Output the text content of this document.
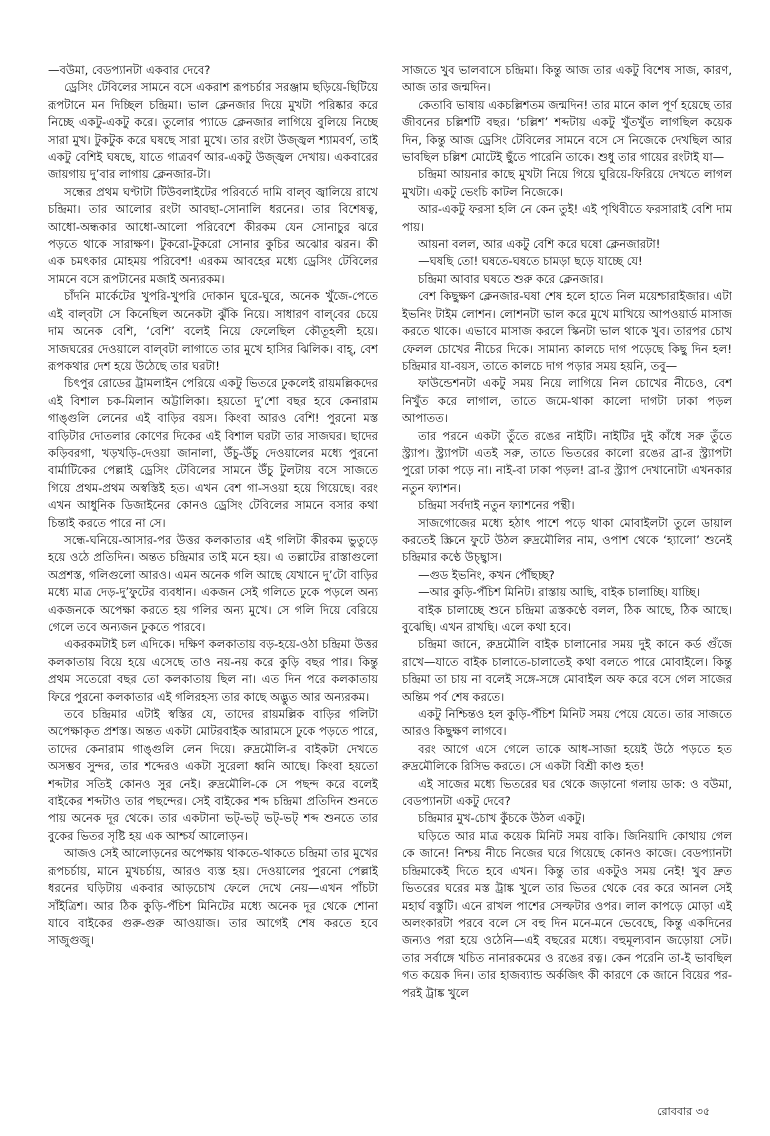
—বউমা, বেডপ্যানটা একবার দেবে?

ড্রেসিং টেবিলের সামনে বসে একরাশ রূপচর্চার সরঞ্জাম ছড়িয়ে-ছিটিয়ে রূপটানে মন দিচ্ছিল চন্দ্রিমা। ভাল ক্লেনজার দিয়ে মুখটা পরিষ্কার করে নিচ্ছে একটু-একটু করে। তুলোর প্যাডে ক্লেনজার লাগিয়ে বুলিয়ে নিচ্ছে সারা মুখ। টুকটুক করে ঘষছে সারা মুখে। তার রংটা উজ্জ্বল শ্যামবর্ণ, তাই একটু বেশিই ঘষছে, যাতে গাত্রবর্ণ আর-একটু উজ্জ্বল দেখায়। একবারের জায়গায় দু’বার লাগায় ক্লেনজার-টা।

সন্ধের প্রথম ঘণ্টাটা টিউবলাইটের পরিবর্তে দামি বাল্‌ব জ্বালিয়ে রাখে চন্দ্রিমা। তার আলোর রংটা আবছা-সোনালি ধরনের। তার বিশেষত্ব, আধো-অন্ধকার আধো-আলো পরিবেশে কীরকম যেন সোনাচুর ঝরে পড়তে থাকে সারাক্ষণ। টুকরো-টুকরো সোনার কুচির অঝোর ঝরন। কী এক চমৎকার মোহময় পরিবেশ! এরকম আবহের মধ্যে ড্রেসিং টেবিলের সামনে বসে রূপটানের মজাই অন্যরকম।

চাঁদনি মার্কেটের খুপরি-খুপরি দোকান ঘুরে-ঘুরে, অনেক খুঁজে-পেতে এই বাল্‌বটা সে কিনেছিল অনেকটা ঝুঁকি নিয়ে। সাধারণ বাল্‌বের চেয়ে দাম অনেক বেশি, ‘বেশি’ বলেই নিয়ে ফেলেছিল কৌতূহলী হয়ে। সাজঘরের দেওয়ালে বাল্‌বটা লাগাতে তার মুখে হাসির ঝিলিক। বাহ্‌, বেশ রূপকথার দেশ হয়ে উঠেছে তার ঘরটা!

চিৎপুর রোডের ট্রামলাইন পেরিয়ে একটু ভিতরে ঢুকলেই রায়মল্লিকদের এই বিশাল চক-মিলান অট্টালিকা। হয়তো দু’শো বছর হবে কেনারাম গাঙ্গুলি লেনের এই বাড়ির বয়স। কিংবা আরও বেশি! পুরনো মস্ত বাড়িটার দোতলার কোণের দিকের এই বিশাল ঘরটা তার সাজঘর। ছাদের কড়িবরগা, খড়খড়ি-দেওয়া জানালা, উঁচু-উঁচু দেওয়ালের মধ্যে পুরনো বার্মাটিকের পেল্লাই ড্রেসিং টেবিলের সামনে উঁচু টুলটায় বসে সাজতে গিয়ে প্রথম-প্রথম অস্বস্তিই হত। এখন বেশ গা-সওয়া হয়ে গিয়েছে। বরং এখন আধুনিক ডিজাইনের কোনও ড্রেসিং টেবিলের সামনে বসার কথা চিন্তাই করতে পারে না সে।

সন্ধে-ঘনিয়ে-আসার-পর উত্তর কলকাতার এই গলিটা কীরকম ভুতুড়ে হয়ে ওঠে প্রতিদিন। অন্তত চন্দ্রিমার তাই মনে হয়। এ তল্লাটের রাস্তাগুলো অপ্রশস্ত, গলিগুলো আরও। এমন অনেক গলি আছে যেখানে দু’টো বাড়ির মধ্যে মাত্র দেড়-দু’ফুটের ব্যবধান। একজন সেই গলিতে ঢুকে পড়লে অন্য একজনকে অপেক্ষা করতে হয় গলির অন্য মুখে। সে গলি দিয়ে বেরিয়ে গেলে তবে অন্যজন ঢুকতে পারবে।

একরকমটাই চল এদিকে। দক্ষিণ কলকাতায় বড়-হয়ে-ওঠা চন্দ্রিমা উত্তর কলকাতায় বিয়ে হয়ে এসেছে তাও নয়-নয় করে কুড়ি বছর পার। কিন্তু প্রথম সতেরো বছর তো কলকাতায় ছিল না। এত দিন পরে কলকাতায় ফিরে পুরনো কলকাতার এই গলিরহস্য তার কাছে অদ্ভুত আর অন্যরকম।

তবে চন্দ্রিমার এটাই স্বস্তির যে, তাদের রায়মল্লিক বাড়ির গলিটা অপেক্ষাকৃত প্রশস্ত। অন্তত একটা মোটরবাইক আরামসে ঢুকে পড়তে পারে, তাদের কেনারাম গাঙ্গুলি লেন দিয়ে। রুদ্রমৌলি-র বাইকটা দেখতে অসম্ভব সুন্দর, তার শব্দেরও একটা সুরেলা ধ্বনি আছে। কিংবা হয়তো শব্দটার সতিই কোনও সুর নেই। রুদ্রমৌলি-কে সে পছন্দ করে বলেই বাইকের শব্দটাও তার পছন্দের। সেই বাইকের শব্দ চন্দ্রিমা প্রতিদিন শুনতে পায় অনেক দূর থেকে। তার একটানা ভট্‌-ভট্‌ ভট্‌-ভট্‌ শব্দ শুনতে তার বুকের ভিতর সৃষ্টি হয় এক আশ্চর্য আলোড়ন।

আজও সেই আলোড়নের অপেক্ষায় থাকতে-থাকতে চন্দ্রিমা তার মুখের রূপচর্চায়, মানে মুখচর্চায়, আরও ব্যস্ত হয়। দেওয়ালের পুরনো পেল্লাই ধরনের ঘড়িটায় একবার আড়চোখ ফেলে দেখে নেয়—এখন পাঁচটা সাঁইত্রিশ। আর ঠিক কুড়ি-পঁচিশ মিনিটের মধ্যে অনেক দূর থেকে শোনা যাবে বাইকের গুরু-গুরু আওয়াজ। তার আগেই শেষ করতে হবে সাজুগুজু।

সাজতে খুব ভালবাসে চন্দ্রিমা। কিন্তু আজ তার একটু বিশেষ সাজ, কারণ, আজ তার জন্মদিন।

কেতাবি ভাষায় একচল্লিশতম জন্মদিন! তার মানে কাল পূর্ণ হয়েছে তার জীবনের চল্লিশটি বছর। ‘চল্লিশ’ শব্দটায় একটু খুঁতখুঁত লাগছিল কয়েক দিন, কিন্তু আজ ড্রেসিং টেবিলের সামনে বসে সে নিজেকে দেখছিল আর ভাবছিল চল্লিশ মোটেই ছুঁতে পারেনি তাকে। শুধু তার গায়ের রংটাই যা—

চন্দ্রিমা আয়নার কাছে মুখটা নিয়ে গিয়ে ঘুরিয়ে-ফিরিয়ে দেখতে লাগল মুখটা। একটু ভেংচি কাটল নিজেকে।

আর-একটু ফরসা হলি নে কেন তুই! এই পৃথিবীতে ফরসারাই বেশি দাম পায়।

আয়না বলল, আর একটু বেশি করে ঘষো ক্লেনজারটা!

—ঘষছি তো! ঘষতে-ঘষতে চামড়া ছড়ে যাচ্ছে যে!

চন্দ্রিমা আবার ঘষতে শুরু করে ক্লেনজার।

বেশ কিছুক্ষণ ক্লেনজার-ঘষা শেষ হলে হাতে নিল ময়েশ্চারাইজার। এটা ইভনিং টাইম লোশন। লোশনটা ভাল করে মুখে মাখিয়ে আপওয়ার্ড মাসাজ করতে থাকে। এভাবে মাসাজ করলে স্কিনটা ভাল থাকে খুব। তারপর চোখ ফেলল চোখের নীচের দিকে। সামান্য কালচে দাগ পড়েছে কিছু দিন হল! চন্দ্রিমার যা-বয়স, তাতে কালচে দাগ পড়ার সময় হয়নি, তবু—

ফাউন্ডেশনটা একটু সময় নিয়ে লাগিয়ে নিল চোখের নীচেও, বেশ নিখুঁত করে লাগাল, তাতে জমে-থাকা কালো দাগটা ঢাকা পড়ল আপাতত।

তার পরনে একটা তুঁতে রঙের নাইটি। নাইটির দুই কাঁধে সরু তুঁতে স্ট্র্যাপ। স্ট্র্যাপটা এতই সরু, তাতে ভিতরের কালো রঙের ব্রা-র স্ট্র্যাপটা পুরো ঢাকা পড়ে না। নাই-বা ঢাকা পড়ল! ব্রা-র স্ট্র্যাপ দেখানোটা এখনকার নতুন ফ্যাশন।

চন্দ্রিমা সর্বদাই নতুন ফ্যাশনের পন্থী।

সাজগোজের মধ্যে হঠাৎ পাশে পড়ে থাকা মোবাইলটা তুলে ডায়াল করতেই স্ক্রিনে ফুটে উঠল রুদ্রমৌলির নাম, ওপাশ থেকে ‘হ্যালো’ শুনেই চন্দ্রিমার কণ্ঠে উচ্ছ্বাস।

—গুড ইভনিং, কখন পৌঁছচ্ছ?

—আর কুড়ি-পঁচিশ মিনিট। রাস্তায় আছি, বাইক চালাচ্ছি। যাচ্ছি।

বাইক চালাচ্ছে শুনে চন্দ্রিমা ত্রস্তকণ্ঠে বলল, ঠিক আছে, ঠিক আছে। বুঝেছি। এখন রাখছি। এলে কথা হবে।

চন্দ্রিমা জানে, রুদ্রমৌলি বাইক চালানোর সময় দুই কানে কর্ড গুঁজে রাখে—যাতে বাইক চালাতে-চালাতেই কথা বলতে পারে মোবাইলে। কিন্তু চন্দ্রিমা তা চায় না বলেই সঙ্গে-সঙ্গে মোবাইল অফ করে বসে গেল সাজের অন্তিম পর্ব শেষ করতে।

একটু নিশ্চিন্তও হল কুড়ি-পঁচিশ মিনিট সময় পেয়ে যেতে। তার সাজতে আরও কিছুক্ষণ লাগবে।

বরং আগে এসে গেলে তাকে আধ-সাজা হয়েই উঠে পড়তে হত রুদ্রমৌলিকে রিসিভ করতে। সে একটা বিশ্রী কাণ্ড হত!

এই সাজের মধ্যে ভিতরের ঘর থেকে জড়ানো গলায় ডাক: ও বউমা, বেডপ্যানটা একটু দেবে?

চন্দ্রিমার মুখ-চোখ কুঁচকে উঠল একটু।

ঘড়িতে আর মাত্র কয়েক মিনিট সময় বাকি। জিনিয়াদি কোথায় গেল কে জানে! নিশ্চয় নীচে নিজের ঘরে গিয়েছে কোনও কাজে। বেডপ্যানটা চন্দ্রিমাকেই দিতে হবে এখন। কিন্তু তার একটুও সময় নেই! খুব দ্রুত ভিতরের ঘরের মস্ত ট্রাঙ্ক খুলে তার ভিতর থেকে বের করে আনল সেই মহার্ঘ বস্তুটি। এনে রাখল পাশের সেল্ফটার ওপর। লাল কাপড়ে মোড়া এই অলংকারটা পরবে বলে সে বহু দিন মনে-মনে ভেবেছে, কিন্তু একদিনের জন্যও পরা হয়ে ওঠেনি—এই বছরের মধ্যে। বহুমূল্যবান জড়োয়া সেট। তার সর্বাঙ্গে খচিত নানারকমের ও রঙের রত্ন। কেন পরেনি তা-ই ভাবছিল গত কয়েক দিন। তার হাজব্যান্ড অর্কজিৎ কী কারণে কে জানে বিয়ের পর-পরই ট্রাঙ্ক খুলে

রোববার ৩৫
